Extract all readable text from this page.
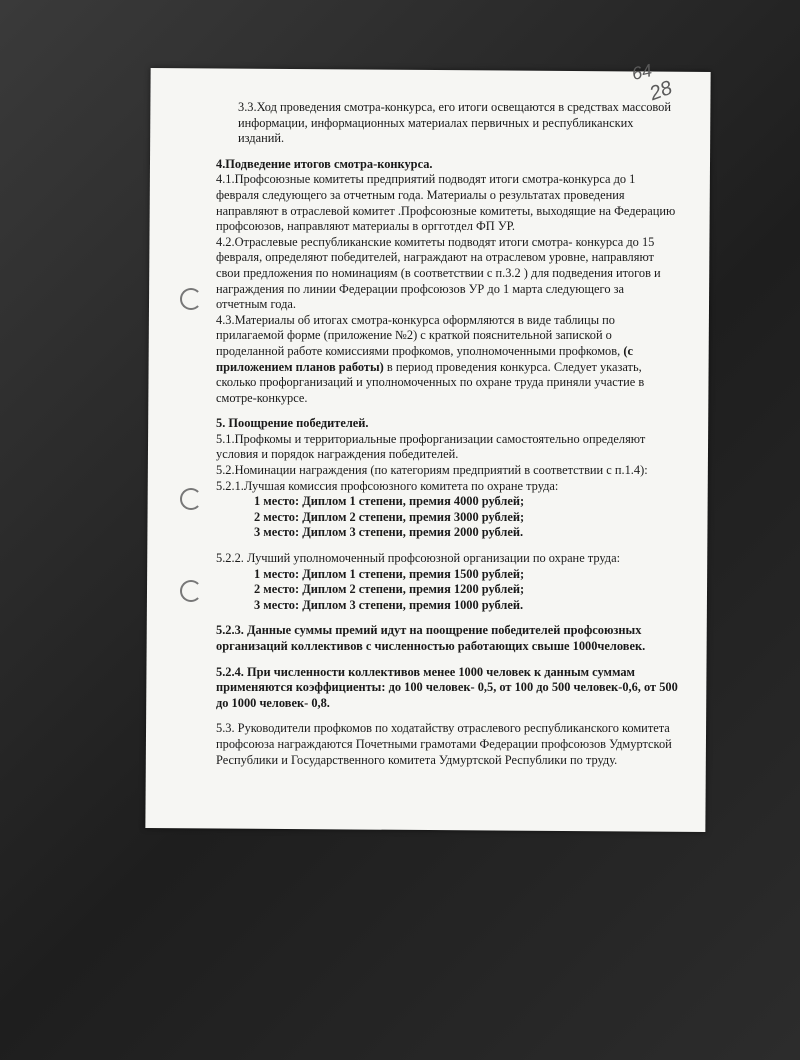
64
28

3.3.Ход проведения смотра-конкурса, его итоги освещаются в средствах массовой информации, информационных материалах первичных и республиканских изданий.

4.Подведение итогов смотра-конкурса.

4.1.Профсоюзные комитеты предприятий подводят итоги смотра-конкурса до 1 февраля следующего за отчетным года. Материалы о результатах проведения направляют в отраслевой комитет .Профсоюзные комитеты, выходящие на Федерацию профсоюзов, направляют материалы в оргготдел ФП УР.

4.2.Отраслевые республиканские комитеты подводят итоги смотра- конкурса до 15 февраля, определяют победителей, награждают на отраслевом уровне, направляют свои предложения по номинациям (в соответствии с п.3.2 ) для подведения итогов и награждения по линии Федерации профсоюзов УР до 1 марта следующего за отчетным года.

4.3.Материалы об итогах смотра-конкурса оформляются в виде таблицы по прилагаемой форме (приложение №2) с краткой пояснительной запиской о проделанной работе комиссиями профкомов, уполномоченными профкомов, (с приложением планов работы) в период проведения конкурса. Следует указать, сколько профорганизаций и уполномоченных по охране труда приняли участие в смотре-конкурсе.

5. Поощрение победителей.

5.1.Профкомы и территориальные профорганизации самостоятельно определяют условия и порядок награждения победителей.

5.2.Номинации награждения (по категориям предприятий в соответствии с п.1.4):

5.2.1.Лучшая комиссия профсоюзного комитета по охране труда:

1 место: Диплом 1 степени, премия 4000 рублей;

2 место: Диплом 2 степени, премия 3000 рублей;

3 место: Диплом 3 степени, премия 2000 рублей.

5.2.2. Лучший уполномоченный профсоюзной организации по охране труда:

1 место: Диплом 1 степени, премия 1500 рублей;

2 место: Диплом 2 степени, премия 1200 рублей;

3 место: Диплом 3 степени, премия 1000 рублей.

5.2.3. Данные суммы премий идут на поощрение победителей профсоюзных организаций коллективов с численностью работающих свыше 1000человек.

5.2.4. При численности коллективов менее 1000 человек к данным суммам применяются коэффициенты: до 100 человек- 0,5, от 100 до 500 человек-0,6, от 500 до 1000 человек- 0,8.

5.3. Руководители профкомов по ходатайству отраслевого республиканского комитета профсоюза награждаются Почетными грамотами Федерации профсоюзов Удмуртской Республики и Государственного комитета Удмуртской Республики по труду.
